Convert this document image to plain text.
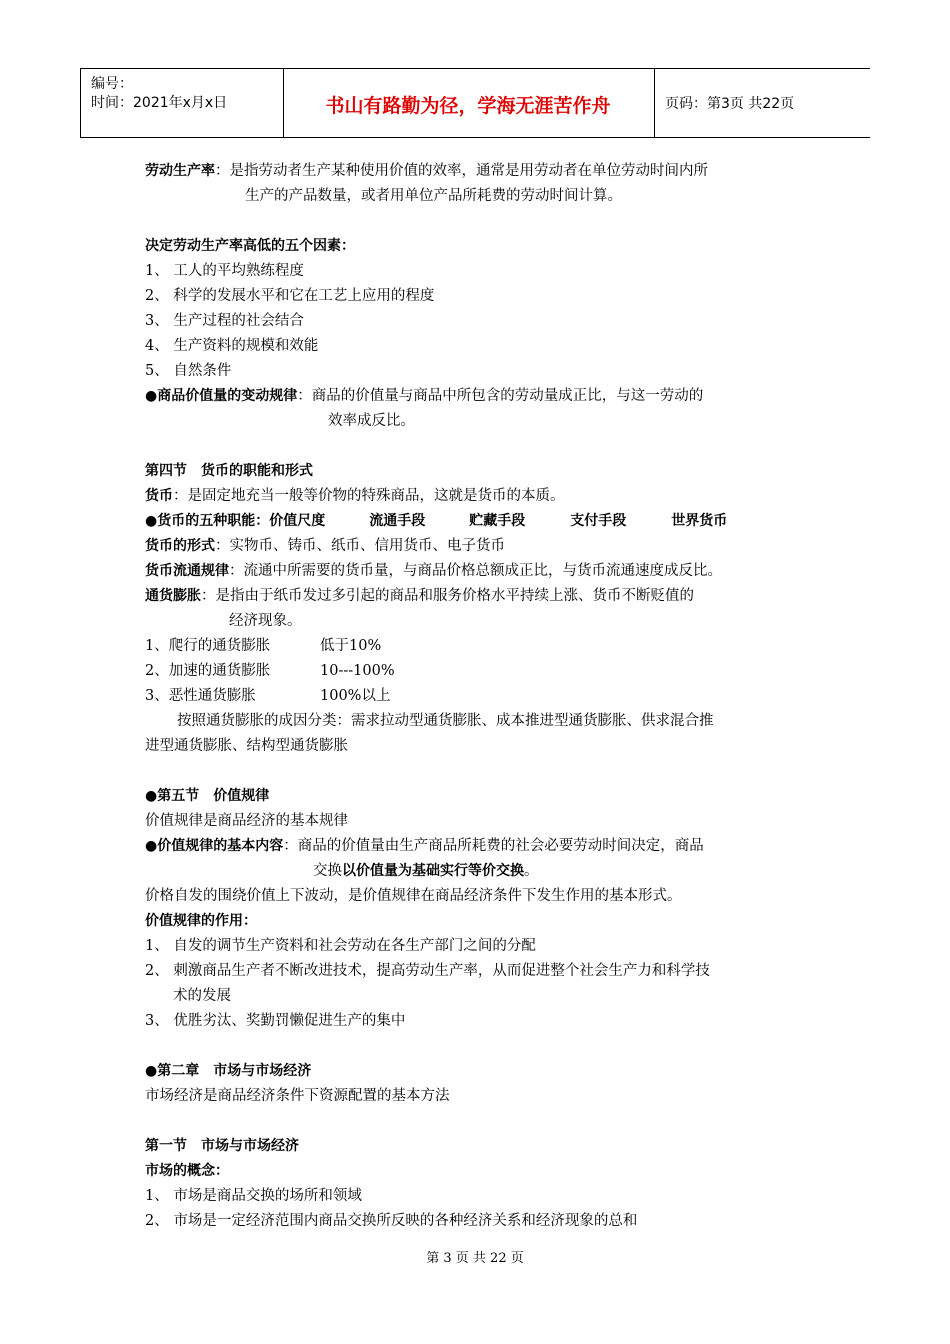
编号：
时间：2021年x月x日	书山有路勤为径，学海无涯苦作舟	页码：第3页 共22页
劳动生产率：是指劳动者生产某种使用价值的效率，通常是用劳动者在单位劳动时间内所
生产的产品数量，或者用单位产品所耗费的劳动时间计算。
决定劳动生产率高低的五个因素：
1、 工人的平均熟练程度
2、 科学的发展水平和它在工艺上应用的程度
3、 生产过程的社会结合
4、 生产资料的规模和效能
5、 自然条件
●商品价值量的变动规律：商品的价值量与商品中所包含的劳动量成正比，与这一劳动的
效率成反比。
第四节　货币的职能和形式
货币：是固定地充当一般等价物的特殊商品，这就是货币的本质。
●货币的五种职能：价值尺度	流通手段	贮藏手段	支付手段	世界货币
货币的形式：实物币、铸币、纸币、信用货币、电子货币
货币流通规律：流通中所需要的货币量，与商品价格总额成正比，与货币流通速度成反比。
通货膨胀：是指由于纸币发过多引起的商品和服务价格水平持续上涨、货币不断贬值的
经济现象。
1、爬行的通货膨胀	低于10%
2、加速的通货膨胀	10---100%
3、恶性通货膨胀	100%以上
按照通货膨胀的成因分类：需求拉动型通货膨胀、成本推进型通货膨胀、供求混合推
进型通货膨胀、结构型通货膨胀
●第五节　价值规律
价值规律是商品经济的基本规律
●价值规律的基本内容：商品的价值量由生产商品所耗费的社会必要劳动时间决定，商品
交换以价值量为基础实行等价交换。
价格自发的围绕价值上下波动，是价值规律在商品经济条件下发生作用的基本形式。
价值规律的作用：
1、 自发的调节生产资料和社会劳动在各生产部门之间的分配
2、 刺激商品生产者不断改进技术，提高劳动生产率，从而促进整个社会生产力和科学技
术的发展
3、 优胜劣汰、奖勤罚懒促进生产的集中
●第二章　市场与市场经济
市场经济是商品经济条件下资源配置的基本方法
第一节　市场与市场经济
市场的概念：
1、 市场是商品交换的场所和领域
2、 市场是一定经济范围内商品交换所反映的各种经济关系和经济现象的总和
第 3 页 共 22 页
